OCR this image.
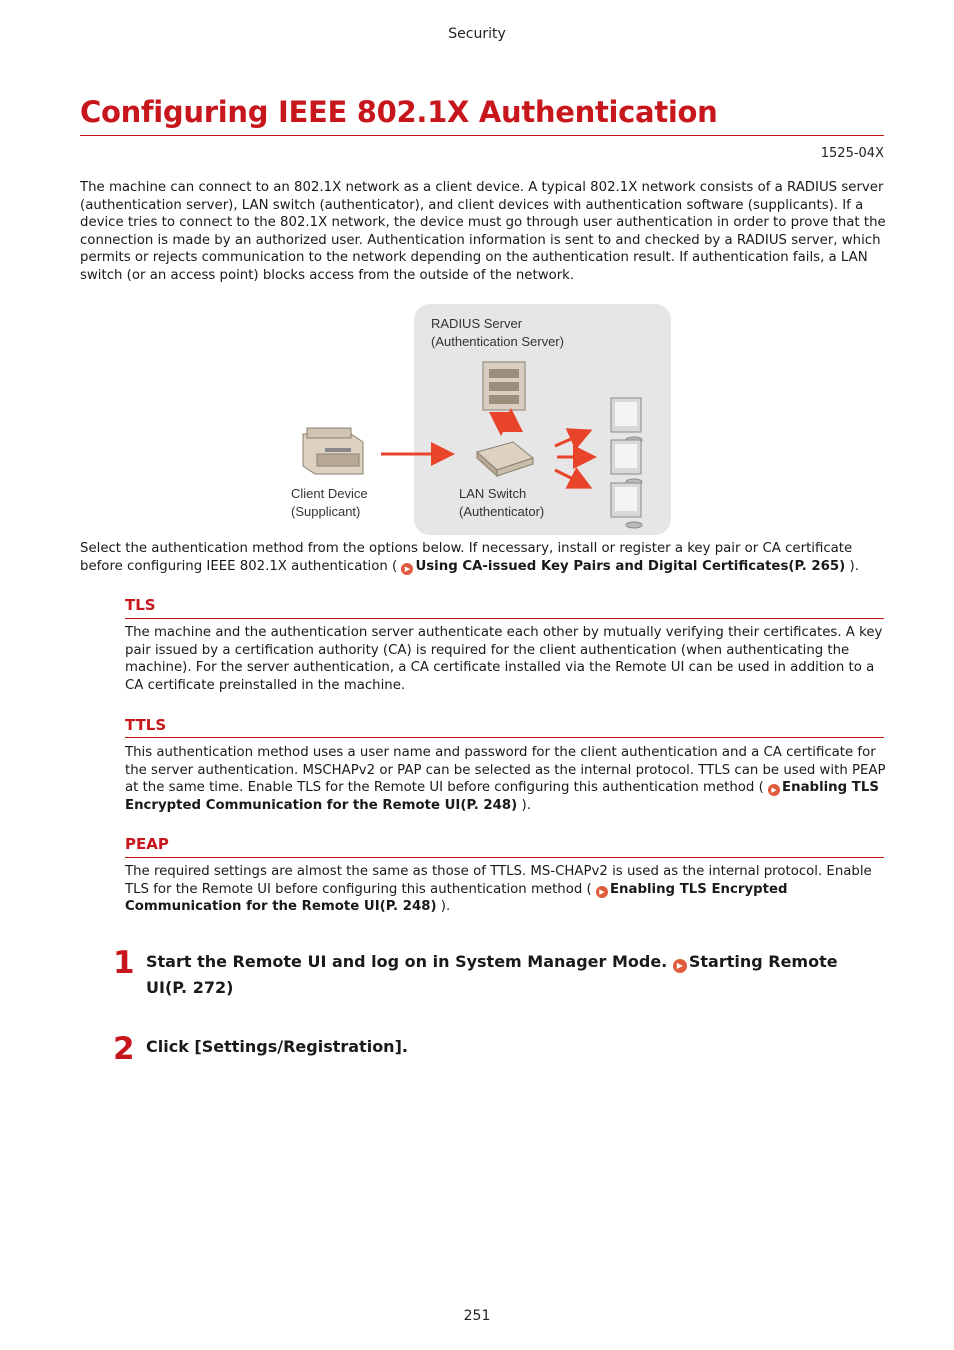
Security
Configuring IEEE 802.1X Authentication
1525-04X

The machine can connect to an 802.1X network as a client device. A typical 802.1X network consists of a RADIUS server (authentication server), LAN switch (authenticator), and client devices with authentication software (supplicants). If a device tries to connect to the 802.1X network, the device must go through user authentication in order to prove that the connection is made by an authorized user. Authentication information is sent to and checked by a RADIUS server, which permits or rejects communication to the network depending on the authentication result. If authentication fails, a LAN switch (or an access point) blocks access from the outside of the network.

RADIUS Server
(Authentication Server)
Client Device
(Supplicant)
LAN Switch
(Authenticator)

Select the authentication method from the options below. If necessary, install or register a key pair or CA certificate before configuring IEEE 802.1X authentication ( ▶ Using CA-issued Key Pairs and Digital Certificates(P. 265) ).

TLS

The machine and the authentication server authenticate each other by mutually verifying their certificates. A key pair issued by a certification authority (CA) is required for the client authentication (when authenticating the machine). For the server authentication, a CA certificate installed via the Remote UI can be used in addition to a CA certificate preinstalled in the machine.

TTLS

This authentication method uses a user name and password for the client authentication and a CA certificate for the server authentication. MSCHAPv2 or PAP can be selected as the internal protocol. TTLS can be used with PEAP at the same time. Enable TLS for the Remote UI before configuring this authentication method ( ▶ Enabling TLS Encrypted Communication for the Remote UI(P. 248) ).

PEAP

The required settings are almost the same as those of TTLS. MS-CHAPv2 is used as the internal protocol. Enable TLS for the Remote UI before configuring this authentication method ( ▶ Enabling TLS Encrypted Communication for the Remote UI(P. 248) ).

1 Start the Remote UI and log on in System Manager Mode. ▶ Starting Remote UI(P. 272)

2 Click [Settings/Registration].

251
